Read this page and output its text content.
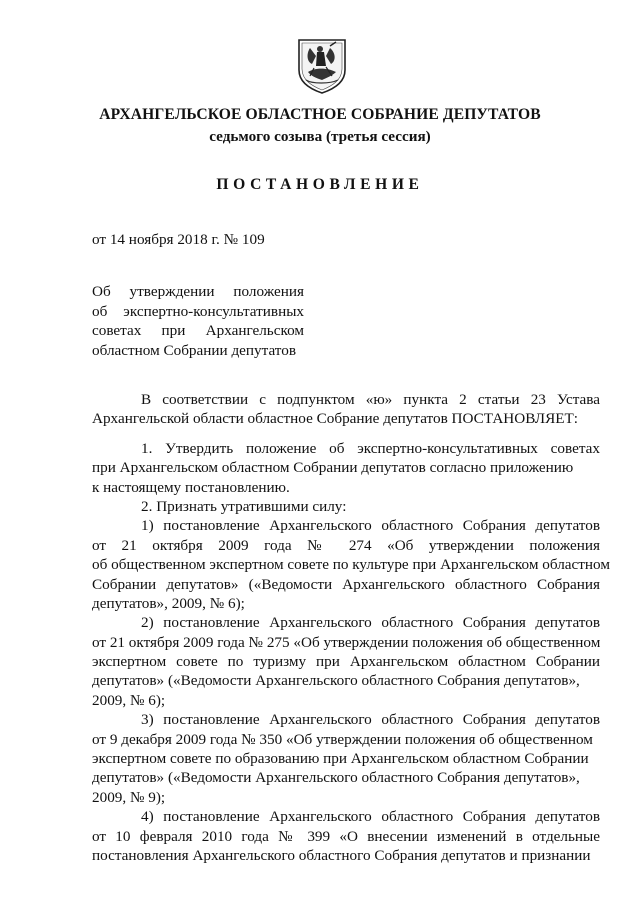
АРХАНГЕЛЬСКОЕ ОБЛАСТНОЕ СОБРАНИЕ ДЕПУТАТОВ
седьмого созыва (третья сессия)
ПОСТАНОВЛЕНИЕ
от 14 ноября 2018 г. № 109
Об утверждении положения
об экспертно-консультативных
советах при Архангельском
областном Собрании депутатов
В соответствии с подпунктом «ю» пункта 2 статьи 23 Устава
Архангельской области областное Собрание депутатов ПОСТАНОВЛЯЕТ:
1. Утвердить положение об экспертно-консультативных советах
при Архангельском областном Собрании депутатов согласно приложению
к настоящему постановлению.
2. Признать утратившими силу:
1) постановление Архангельского областного Собрания депутатов
от 21 октября 2009 года № 274 «Об утверждении положения
об общественном экспертном совете по культуре при Архангельском областном
Собрании депутатов» («Ведомости Архангельского областного Собрания
депутатов», 2009, № 6);
2) постановление Архангельского областного Собрания депутатов
от 21 октября 2009 года № 275 «Об утверждении положения об общественном
экспертном совете по туризму при Архангельском областном Собрании
депутатов» («Ведомости Архангельского областного Собрания депутатов»,
2009, № 6);
3) постановление Архангельского областного Собрания депутатов
от 9 декабря 2009 года № 350 «Об утверждении положения об общественном
экспертном совете по образованию при Архангельском областном Собрании
депутатов» («Ведомости Архангельского областного Собрания депутатов»,
2009, № 9);
4) постановление Архангельского областного Собрания депутатов
от 10 февраля 2010 года № 399 «О внесении изменений в отдельные
постановления Архангельского областного Собрания депутатов и признании
